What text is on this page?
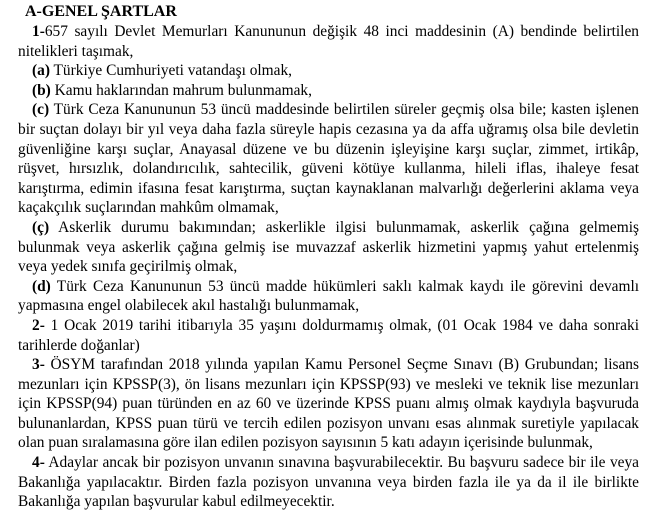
A-GENEL ŞARTLAR

1-657 sayılı Devlet Memurları Kanununun değişik 48 inci maddesinin (A) bendinde belirtilen nitelikleri taşımak,

(a) Türkiye Cumhuriyeti vatandaşı olmak,

(b) Kamu haklarından mahrum bulunmamak,

(c) Türk Ceza Kanununun 53 üncü maddesinde belirtilen süreler geçmiş olsa bile; kasten işlenen bir suçtan dolayı bir yıl veya daha fazla süreyle hapis cezasına ya da affa uğramış olsa bile devletin güvenliğine karşı suçlar, Anayasal düzene ve bu düzenin işleyişine karşı suçlar, zimmet, irtikâp, rüşvet, hırsızlık, dolandırıcılık, sahtecilik, güveni kötüye kullanma, hileli iflas, ihaleye fesat karıştırma, edimin ifasına fesat karıştırma, suçtan kaynaklanan malvarlığı değerlerini aklama veya kaçakçılık suçlarından mahkûm olmamak,

(ç) Askerlik durumu bakımından; askerlikle ilgisi bulunmamak, askerlik çağına gelmemiş bulunmak veya askerlik çağına gelmiş ise muvazzaf askerlik hizmetini yapmış yahut ertelenmiş veya yedek sınıfa geçirilmiş olmak,

(d) Türk Ceza Kanununun 53 üncü madde hükümleri saklı kalmak kaydı ile görevini devamlı yapmasına engel olabilecek akıl hastalığı bulunmamak,

2- 1 Ocak 2019 tarihi itibarıyla 35 yaşını doldurmamış olmak, (01 Ocak 1984 ve daha sonraki tarihlerde doğanlar)

3- ÖSYM tarafından 2018 yılında yapılan Kamu Personel Seçme Sınavı (B) Grubundan; lisans mezunları için KPSSP(3), ön lisans mezunları için KPSSP(93) ve mesleki ve teknik lise mezunları için KPSSP(94) puan türünden en az 60 ve üzerinde KPSS puanı almış olmak kaydıyla başvuruda bulunanlardan, KPSS puan türü ve tercih edilen pozisyon unvanı esas alınmak suretiyle yapılacak olan puan sıralamasına göre ilan edilen pozisyon sayısının 5 katı adayın içerisinde bulunmak,

4- Adaylar ancak bir pozisyon unvanın sınavına başvurabilecektir. Bu başvuru sadece bir ile veya Bakanlığa yapılacaktır. Birden fazla pozisyon unvanına veya birden fazla ile ya da il ile birlikte Bakanlığa yapılan başvurular kabul edilmeyecektir.
